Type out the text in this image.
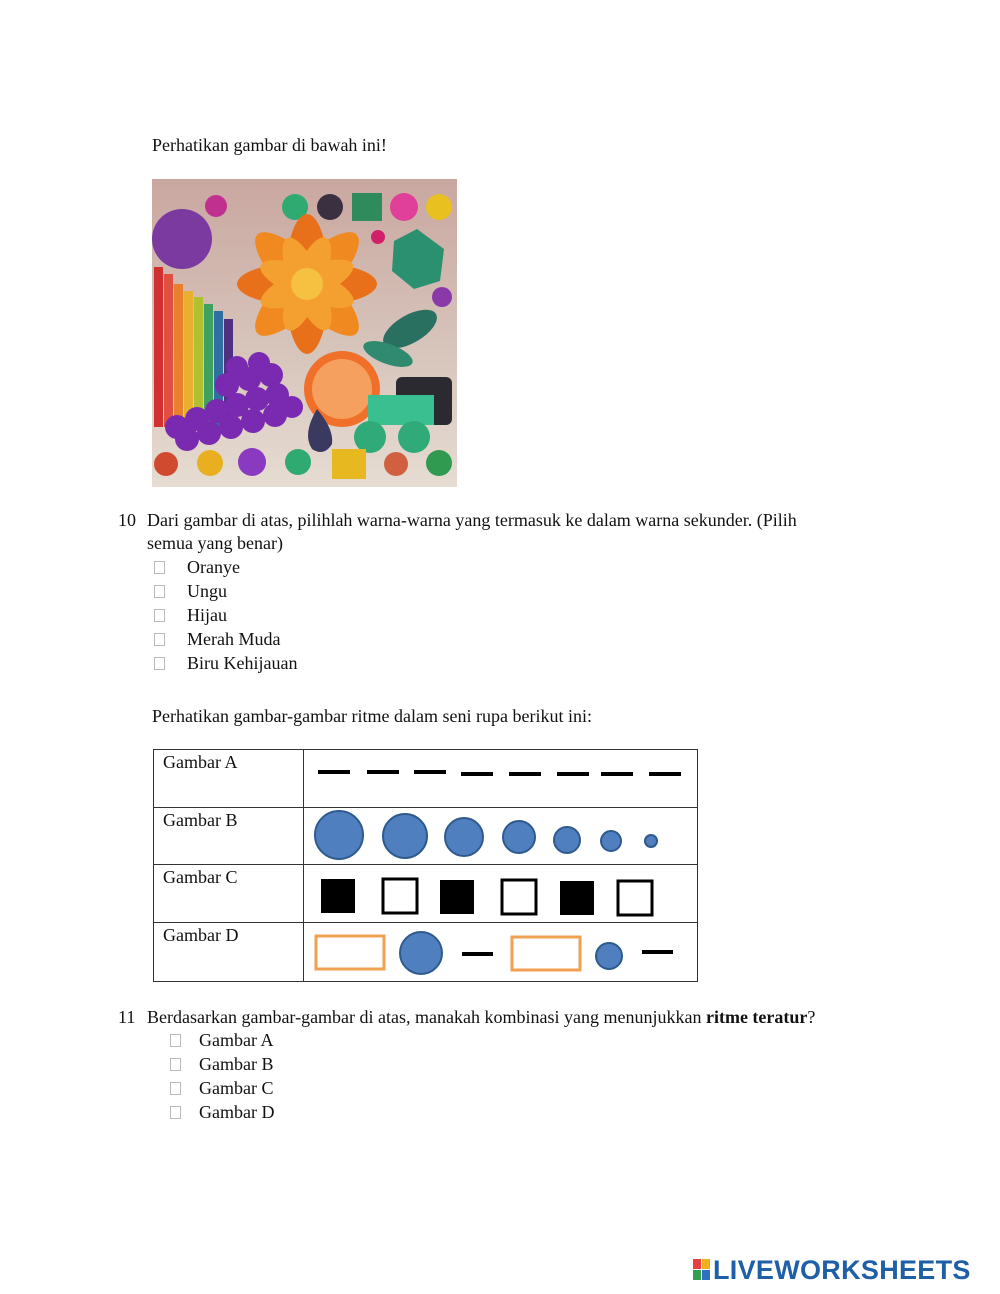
Perhatikan gambar di bawah ini!
10 Dari gambar di atas, pilihlah warna-warna yang termasuk ke dalam warna sekunder. (Pilih
semua yang benar)
Oranye
Ungu
Hijau
Merah Muda
Biru Kehijauan
Perhatikan gambar-gambar ritme dalam seni rupa berikut ini:
Gambar A	

Gambar B	

Gambar C	

Gambar D	
11 Berdasarkan gambar-gambar di atas, manakah kombinasi yang menunjukkan ritme teratur?
Gambar A
Gambar B
Gambar C
Gambar D
LIVEWORKSHEETS
